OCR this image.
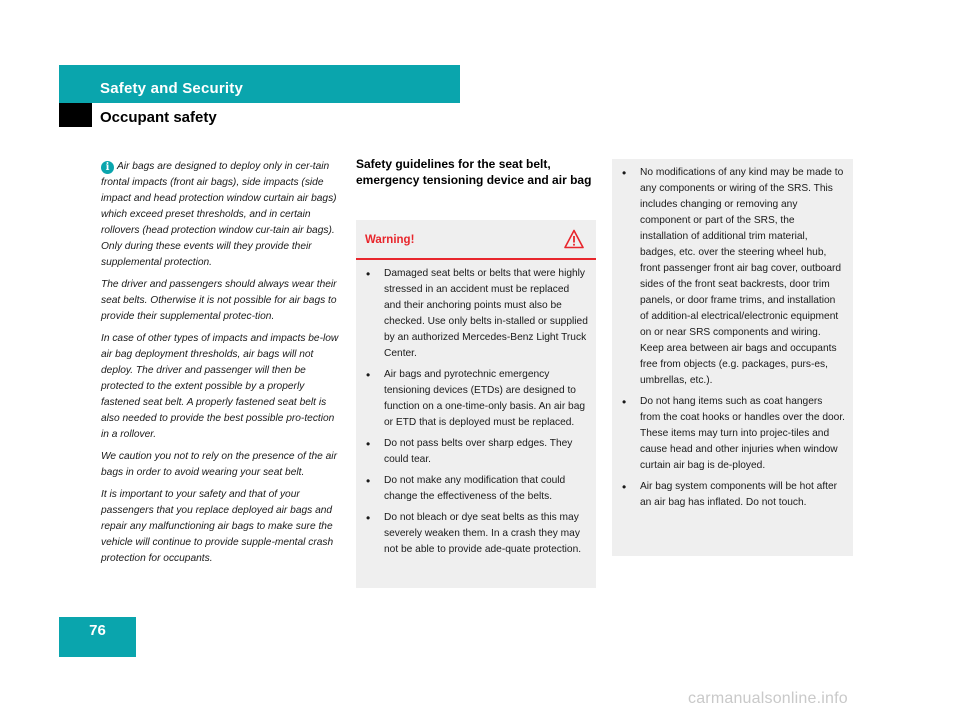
Safety and Security
Occupant safety

i Air bags are designed to deploy only in cer-tain frontal impacts (front air bags), side impacts (side impact and head protection window curtain air bags) which exceed preset thresholds, and in certain rollovers (head protection window cur-tain air bags). Only during these events will they provide their supplemental protection.

The driver and passengers should always wear their seat belts. Otherwise it is not possible for air bags to provide their supplemental protec-tion.

In case of other types of impacts and impacts be-low air bag deployment thresholds, air bags will not deploy. The driver and passenger will then be protected to the extent possible by a properly fastened seat belt. A properly fastened seat belt is also needed to provide the best possible pro-tection in a rollover.

We caution you not to rely on the presence of the air bags in order to avoid wearing your seat belt.

It is important to your safety and that of your passengers that you replace deployed air bags and repair any malfunctioning air bags to make sure the vehicle will continue to provide supple-mental crash protection for occupants.

Safety guidelines for the seat belt, emergency tensioning device and air bag
Warning!
• Damaged seat belts or belts that were highly stressed in an accident must be replaced and their anchoring points must also be checked. Use only belts in-stalled or supplied by an authorized Mercedes-Benz Light Truck Center.
• Air bags and pyrotechnic emergency tensioning devices (ETDs) are designed to function on a one-time-only basis. An air bag or ETD that is deployed must be replaced.
• Do not pass belts over sharp edges. They could tear.
• Do not make any modification that could change the effectiveness of the belts.
• Do not bleach or dye seat belts as this may severely weaken them. In a crash they may not be able to provide ade-quate protection.
• No modifications of any kind may be made to any components or wiring of the SRS. This includes changing or removing any component or part of the SRS, the installation of additional trim material, badges, etc. over the steering wheel hub, front passenger front air bag cover, outboard sides of the front seat backrests, door trim panels, or door frame trims, and installation of addition-al electrical/electronic equipment on or near SRS components and wiring. Keep area between air bags and occupants free from objects (e.g. packages, purs-es, umbrellas, etc.).
• Do not hang items such as coat hangers from the coat hooks or handles over the door. These items may turn into projec-tiles and cause head and other injuries when window curtain air bag is de-ployed.
• Air bag system components will be hot after an air bag has inflated. Do not touch.
76
carmanualsonline.info
